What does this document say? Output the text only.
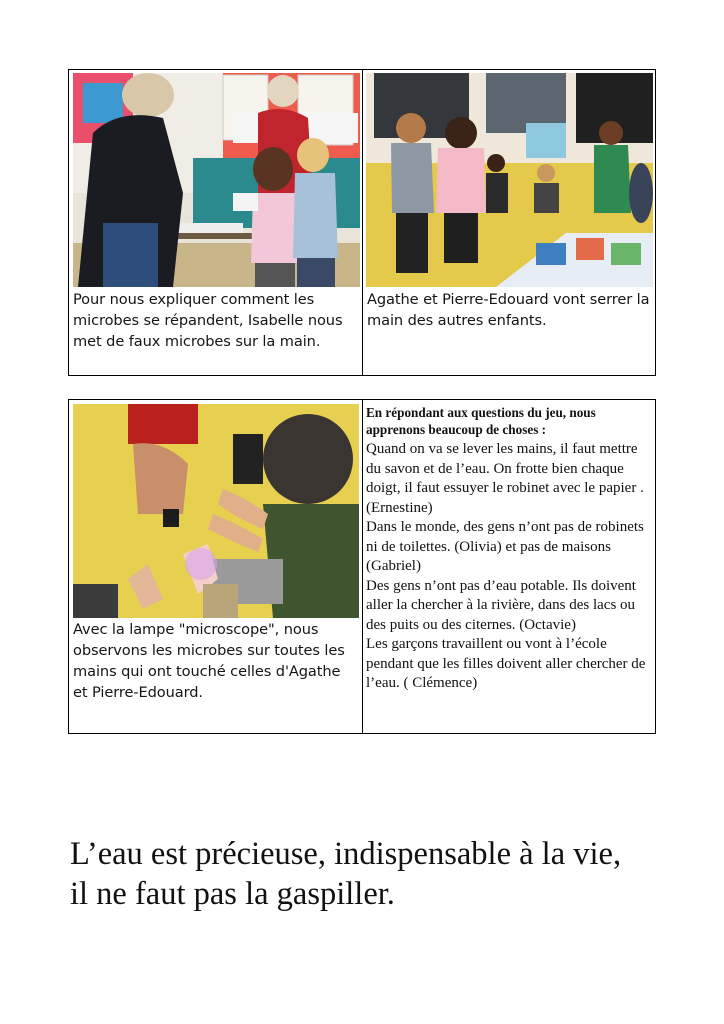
Pour nous expliquer comment les microbes se répandent, Isabelle nous met de faux microbes sur la main.
Agathe et Pierre-Edouard vont serrer la main des autres enfants.
Avec la lampe "microscope", nous observons les microbes sur toutes les mains qui ont touché celles d'Agathe et Pierre-Edouard.

En répondant aux questions du jeu, nous apprenons beaucoup de choses :

Quand on va se lever les mains, il faut mettre du savon et de l’eau. On frotte bien chaque doigt, il faut essuyer le robinet avec le papier . (Ernestine)

Dans le monde, des gens n’ont pas de robinets ni de toilettes. (Olivia) et pas de maisons (Gabriel)

Des gens n’ont pas d’eau potable. Ils doivent aller la chercher à la rivière, dans des lacs ou des puits ou des citernes. (Octavie)

Les garçons travaillent ou vont à l’école pendant que les filles doivent aller chercher de l’eau. ( Clémence)

L’eau est précieuse, indispensable à la vie,
il ne faut pas la gaspiller.
